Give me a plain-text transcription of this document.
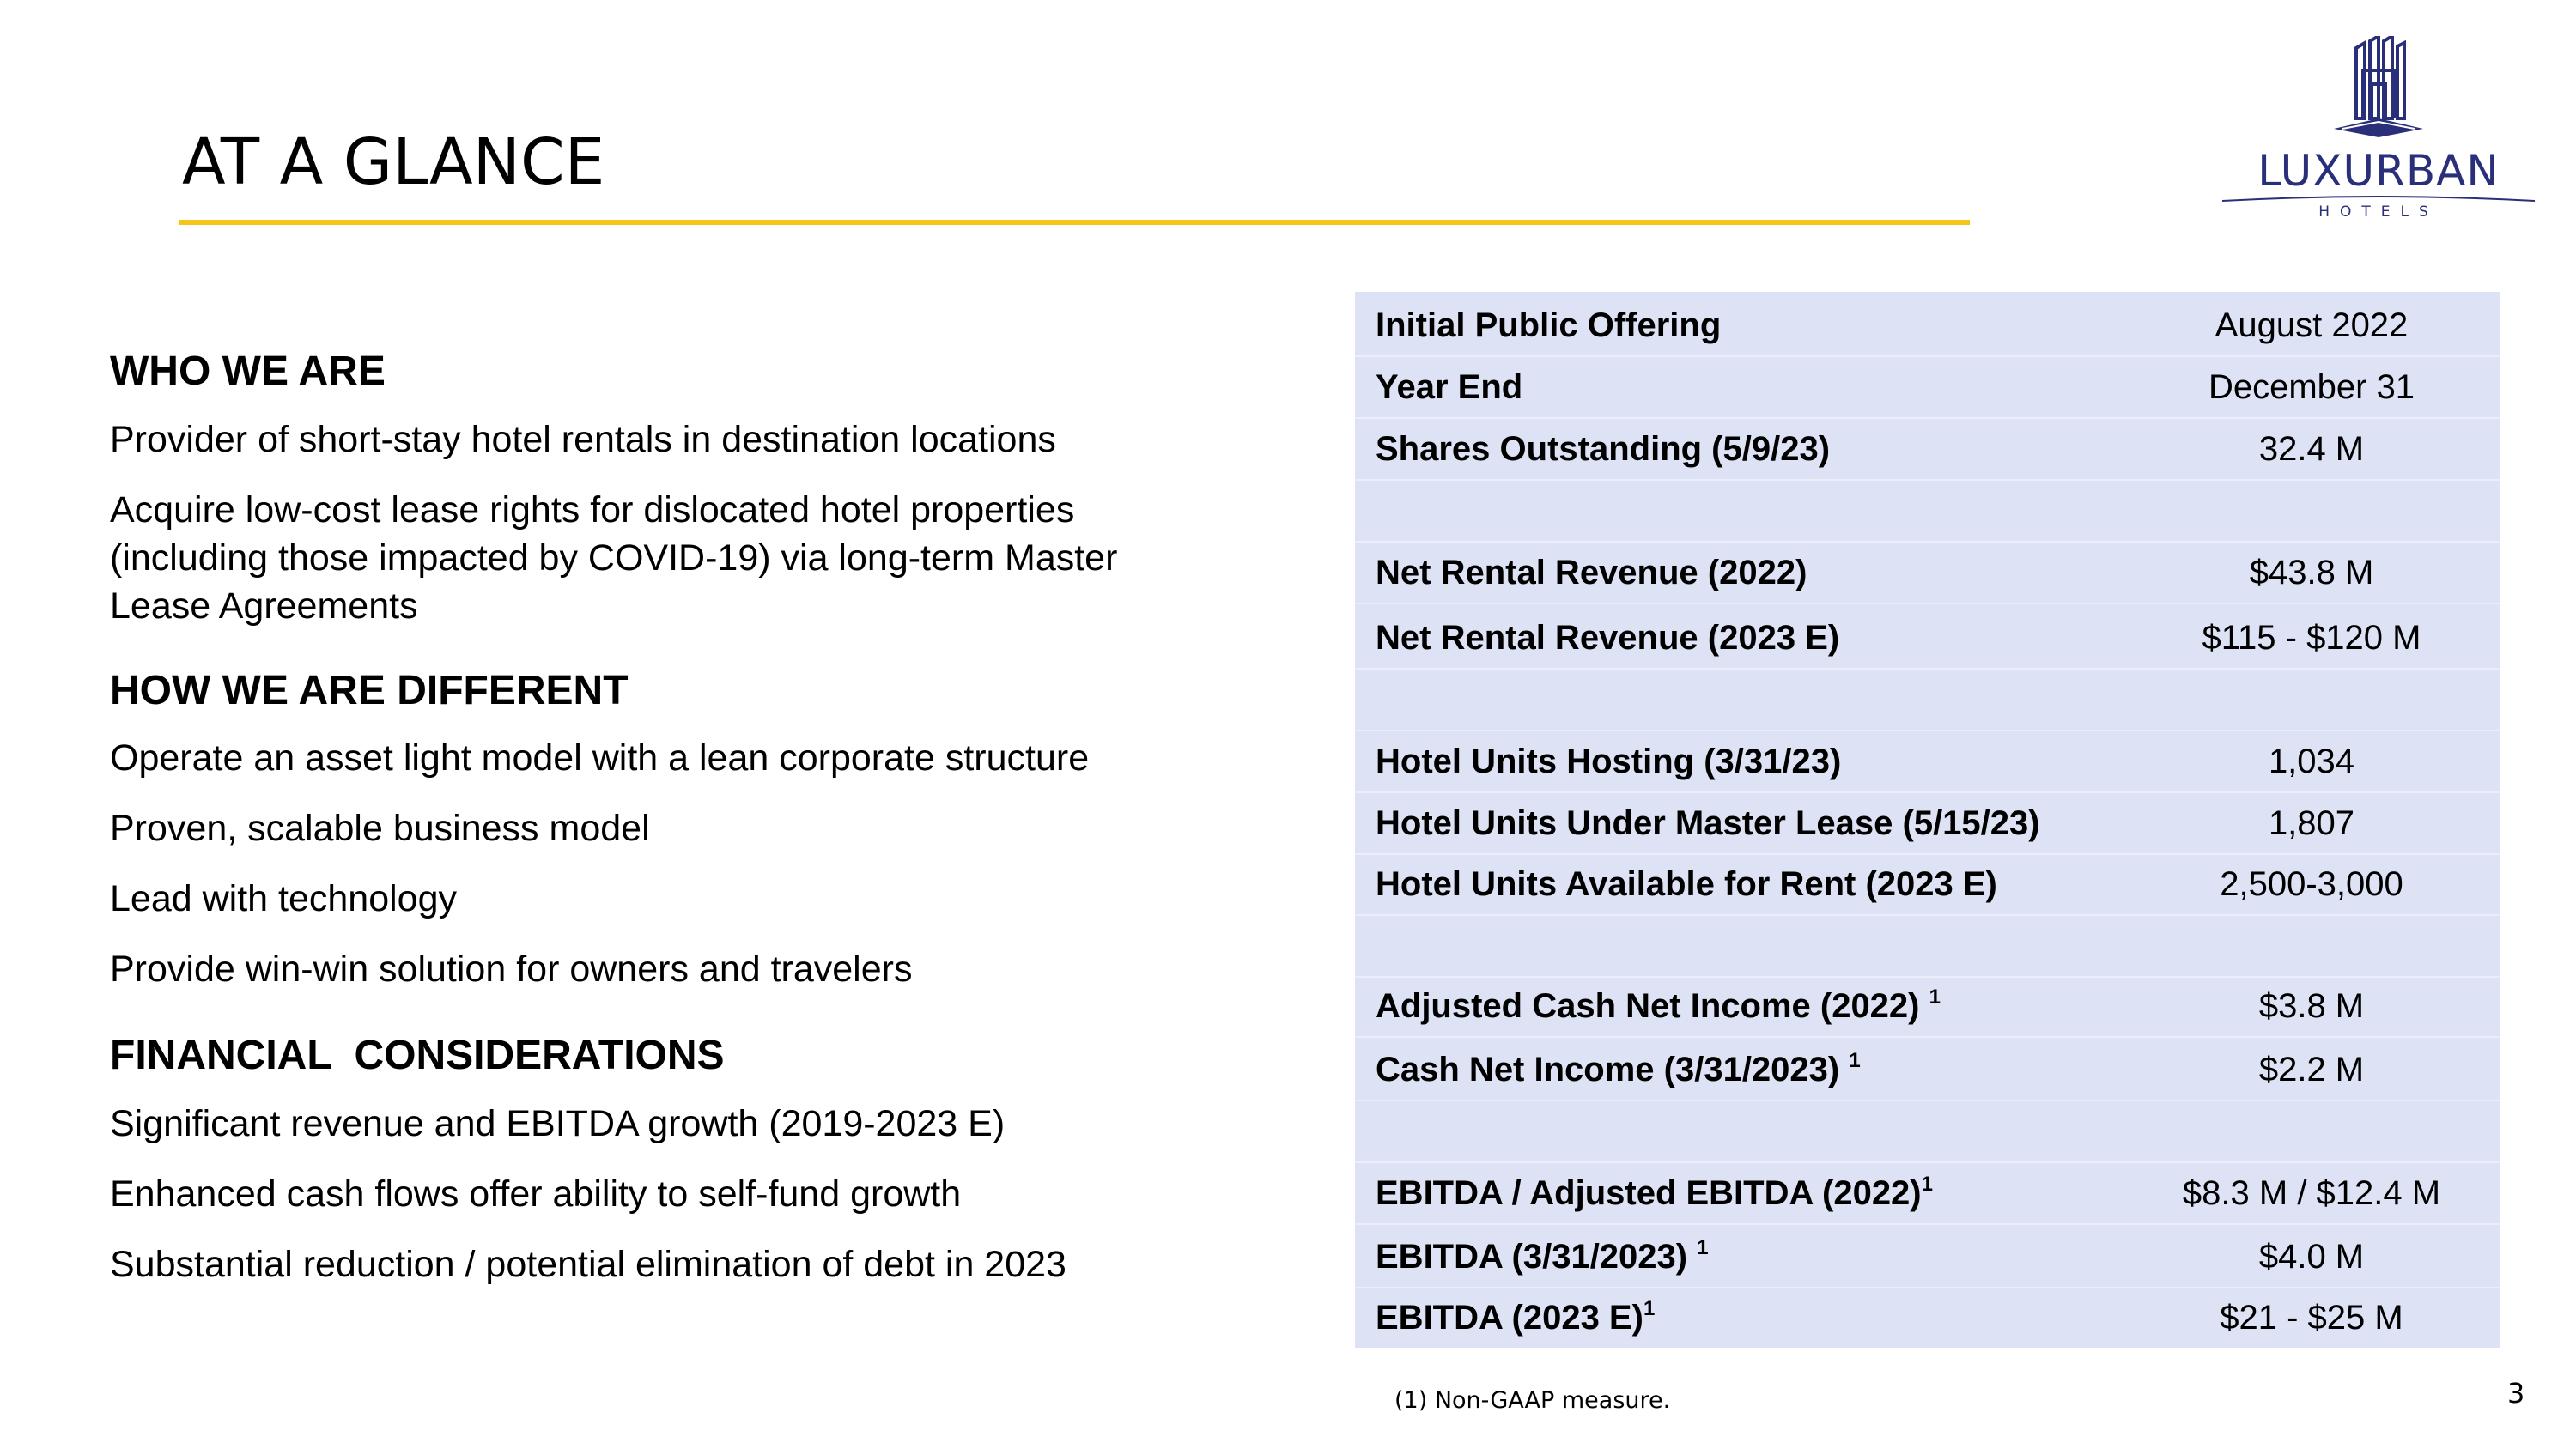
AT A GLANCE	LUXURBAN
HOTELS

WHO WE ARE

Provider of short-stay hotel rentals in destination locations

Acquire low-cost lease rights for dislocated hotel properties (including those impacted by COVID-19) via long-term Master Lease Agreements

HOW WE ARE DIFFERENT

Operate an asset light model with a lean corporate structure

Proven, scalable business model

Lead with technology

Provide win-win solution for owners and travelers

FINANCIAL  CONSIDERATIONS

Significant revenue and EBITDA growth (2019-2023 E)

Enhanced cash flows offer ability to self-fund growth

Substantial reduction / potential elimination of debt in 2023

Initial Public Offering	August 2022
Year End	December 31
Shares Outstanding (5/9/23)	32.4 M
Net Rental Revenue (2022)	$43.8 M
Net Rental Revenue (2023 E)	$115 - $120 M
Hotel Units Hosting (3/31/23)	1,034
Hotel Units Under Master Lease (5/15/23)	1,807
Hotel Units Available for Rent (2023 E)	2,500-3,000
Adjusted Cash Net Income (2022) $^1$	$3.8 M
Cash Net Income (3/31/2023) $^1$	$2.2 M
EBITDA / Adjusted EBITDA $(2022)^1$	$8.3 M / $12.4 M
EBITDA (3/31/2023) $^1$	$4.0 M
EBITDA (2023 E)$^1$	$21 - $25 M
(1) Non-GAAP measure.	3
